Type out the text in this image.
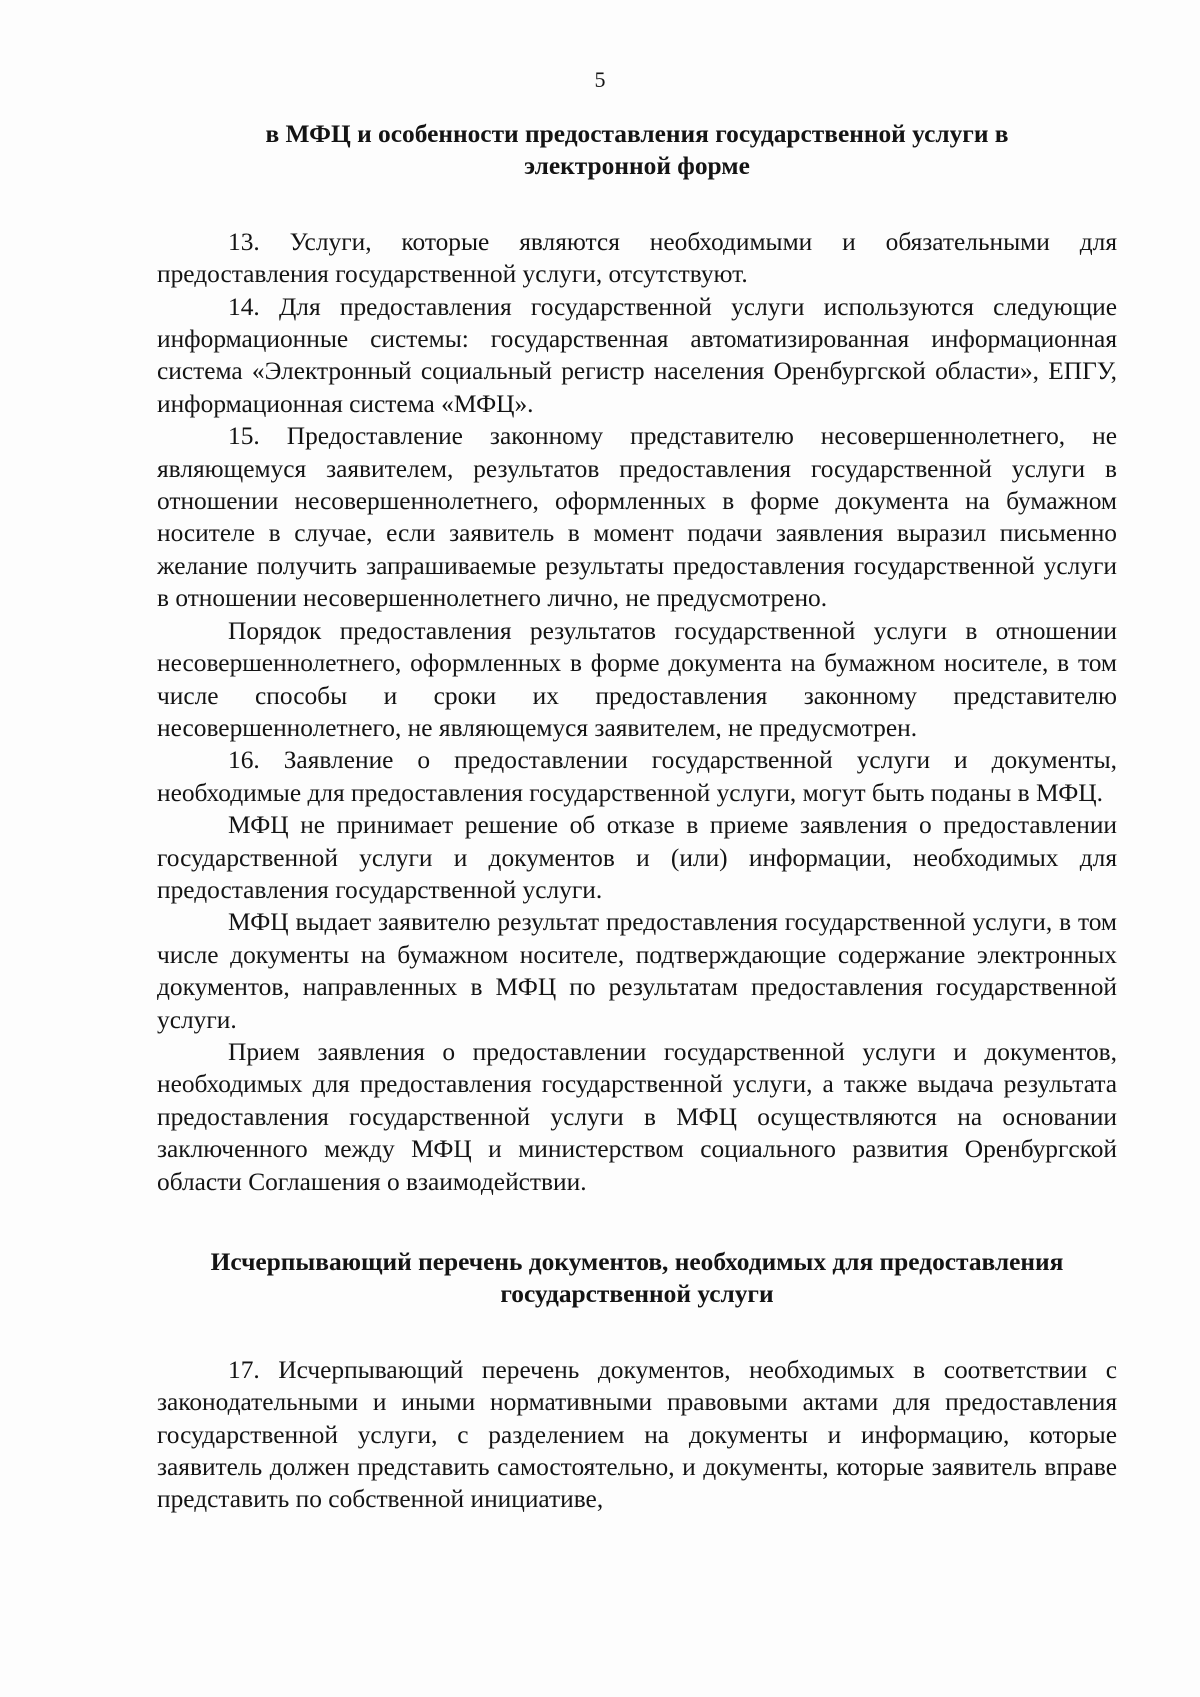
5

в МФЦ и особенности предоставления государственной услуги в электронной форме

13. Услуги, которые являются необходимыми и обязательными для предоставления государственной услуги, отсутствуют.

14. Для предоставления государственной услуги используются следующие информационные системы: государственная автоматизированная информационная система «Электронный социальный регистр населения Оренбургской области», ЕПГУ, информационная система «МФЦ».

15. Предоставление законному представителю несовершеннолетнего, не являющемуся заявителем, результатов предоставления государственной услуги в отношении несовершеннолетнего, оформленных в форме документа на бумажном носителе в случае, если заявитель в момент подачи заявления выразил письменно желание получить запрашиваемые результаты предоставления государственной услуги в отношении несовершеннолетнего лично, не предусмотрено.

Порядок предоставления результатов государственной услуги в отношении несовершеннолетнего, оформленных в форме документа на бумажном носителе, в том числе способы и сроки их предоставления законному представителю несовершеннолетнего, не являющемуся заявителем, не предусмотрен.

16. Заявление о предоставлении государственной услуги и документы, необходимые для предоставления государственной услуги, могут быть поданы в МФЦ.

МФЦ не принимает решение об отказе в приеме заявления о предоставлении государственной услуги и документов и (или) информации, необходимых для предоставления государственной услуги.

МФЦ выдает заявителю результат предоставления государственной услуги, в том числе документы на бумажном носителе, подтверждающие содержание электронных документов, направленных в МФЦ по результатам предоставления государственной услуги.

Прием заявления о предоставлении государственной услуги и документов, необходимых для предоставления государственной услуги, а также выдача результата предоставления государственной услуги в МФЦ осуществляются на основании заключенного между МФЦ и министерством социального развития Оренбургской области Соглашения о взаимодействии.

Исчерпывающий перечень документов, необходимых для предоставления государственной услуги

17. Исчерпывающий перечень документов, необходимых в соответствии с законодательными и иными нормативными правовыми актами для предоставления государственной услуги, с разделением на документы и информацию, которые заявитель должен представить самостоятельно, и документы, которые заявитель вправе представить по собственной инициативе,
